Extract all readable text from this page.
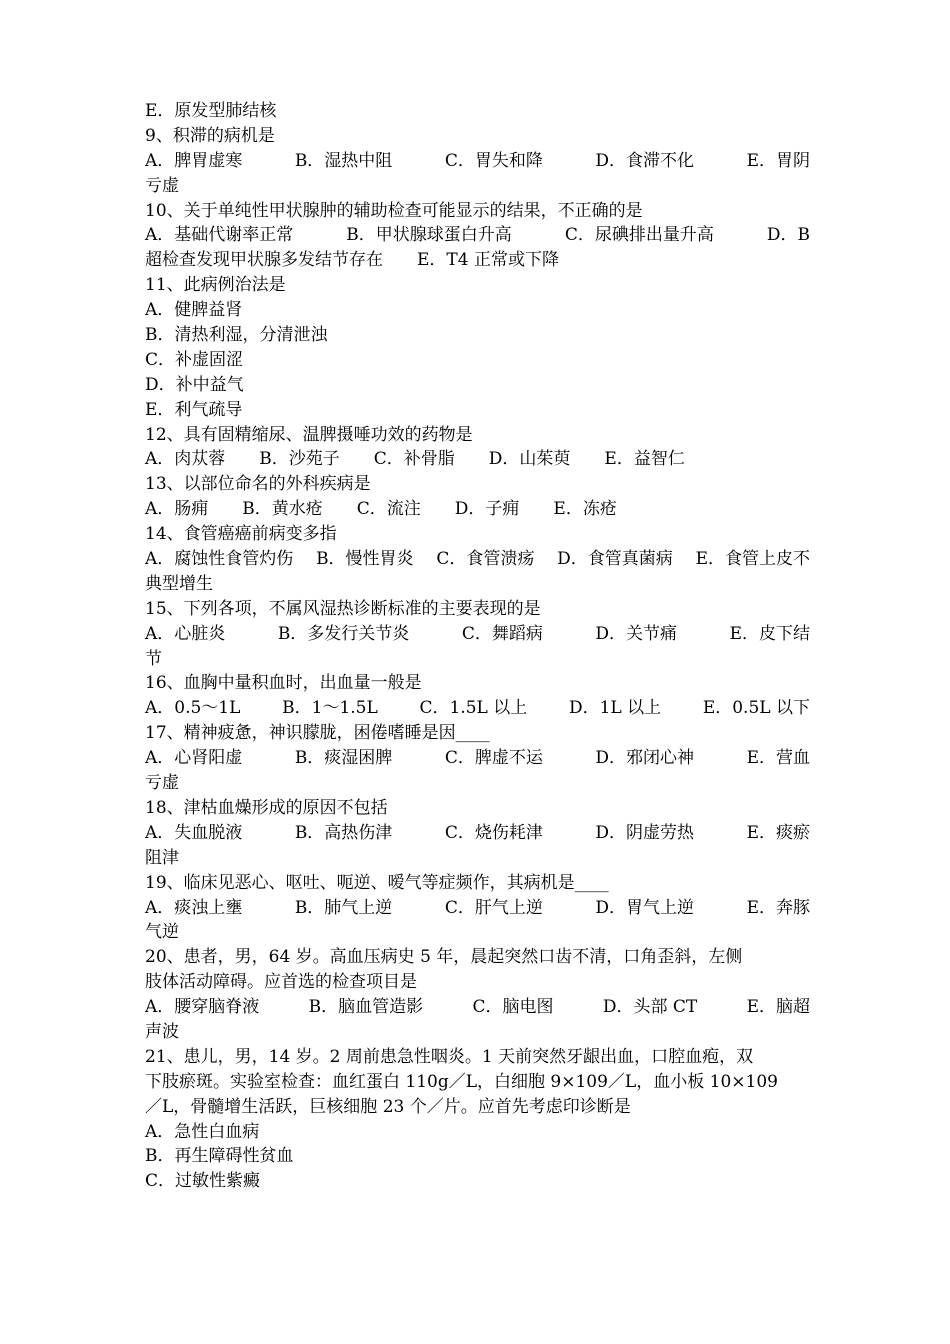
E．原发型肺结核
9、积滞的病机是
A．脾胃虚寒	B．湿热中阻	C．胃失和降	D．食滞不化	E．胃阴
亏虚
10、关于单纯性甲状腺肿的辅助检查可能显示的结果，不正确的是
A．基础代谢率正常	B．甲状腺球蛋白升高	C．尿碘排出量升高	D．B
超检查发现甲状腺多发结节存在　　E．T4 正常或下降
11、此病例治法是
A．健脾益肾
B．清热利湿，分清泄浊
C．补虚固涩
D．补中益气
E．利气疏导
12、具有固精缩尿、温脾摄唾功效的药物是
A．肉苁蓉　　B．沙苑子　　C．补骨脂　　D．山茱萸　　E．益智仁
13、以部位命名的外科疾病是
A．肠痈　　B．黄水疮　　C．流注　　D．子痈　　E．冻疮
14、食管癌癌前病变多指
A．腐蚀性食管灼伤 B．慢性胃炎 C．食管溃疡 D．食管真菌病 E．食管上皮不
典型增生
15、下列各项，不属风湿热诊断标准的主要表现的是
A．心脏炎	B．多发行关节炎	C．舞蹈病	D．关节痛	E．皮下结
节
16、血胸中量积血时，出血量一般是
A．0.5～1L B．1～1.5L C．1.5L 以上 D．1L 以上 E．0.5L 以下
17、精神疲惫，神识朦胧，困倦嗜睡是因____
A．心肾阳虚	B．痰湿困脾	C．脾虚不运	D．邪闭心神	E．营血
亏虚
18、津枯血燥形成的原因不包括
A．失血脱液	B．高热伤津	C．烧伤耗津	D．阴虚劳热	E．痰瘀
阻津
19、临床见恶心、呕吐、呃逆、嗳气等症频作，其病机是____
A．痰浊上壅	B．肺气上逆	C．肝气上逆	D．胃气上逆	E．奔豚
气逆
20、患者，男，64 岁。高血压病史 5 年，晨起突然口齿不清，口角歪斜，左侧
肢体活动障碍。应首选的检查项目是
A．腰穿脑脊液	B．脑血管造影	C．脑电图	D．头部 CT	E．脑超
声波
21、患儿，男，14 岁。2 周前患急性咽炎。1 天前突然牙龈出血，口腔血疱，双
下肢瘀斑。实验室检查：血红蛋白 110g／L，白细胞 9×109／L，血小板 10×109
／L，骨髓增生活跃，巨核细胞 23 个／片。应首先考虑印诊断是
A．急性白血病
B．再生障碍性贫血
C．过敏性紫癜
